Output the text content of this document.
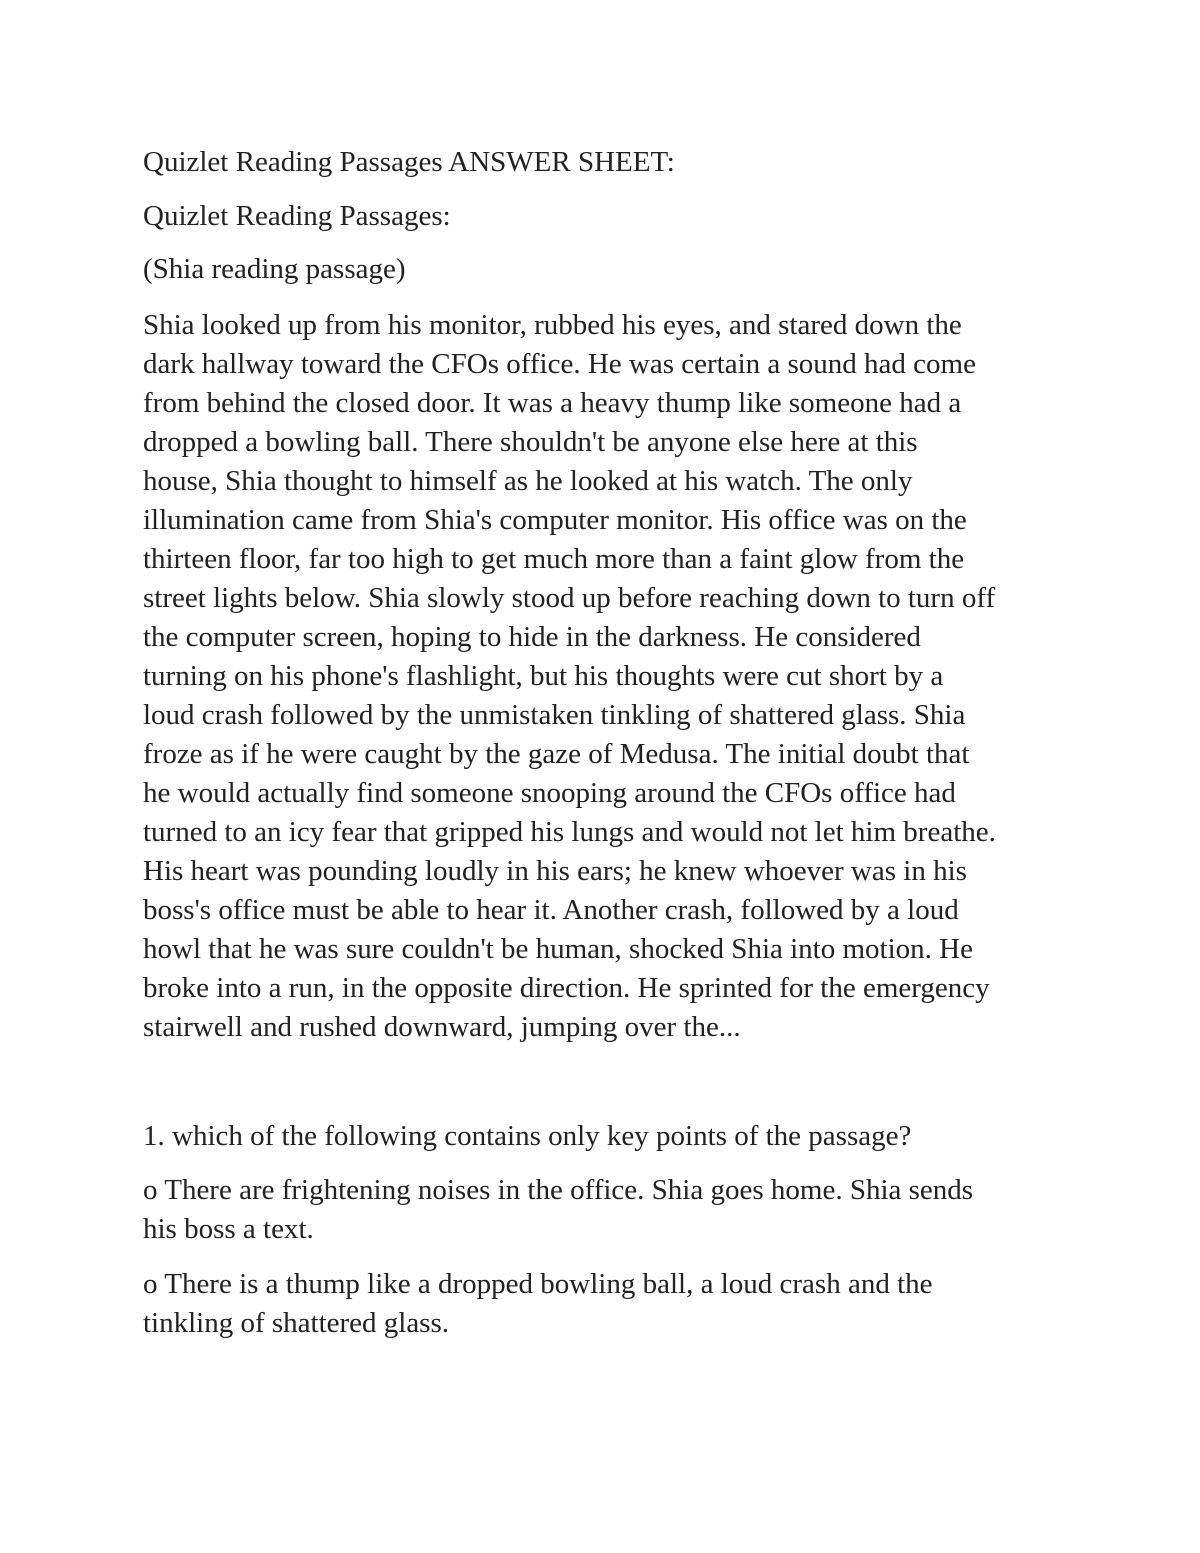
Quizlet Reading Passages ANSWER SHEET:

Quizlet Reading Passages:

(Shia reading passage)

Shia looked up from his monitor, rubbed his eyes, and stared down the

dark hallway toward the CFOs office. He was certain a sound had come

from behind the closed door. It was a heavy thump like someone had a

dropped a bowling ball. There shouldn't be anyone else here at this

house, Shia thought to himself as he looked at his watch. The only

illumination came from Shia's computer monitor. His office was on the

thirteen floor, far too high to get much more than a faint glow from the

street lights below. Shia slowly stood up before reaching down to turn off

the computer screen, hoping to hide in the darkness. He considered

turning on his phone's flashlight, but his thoughts were cut short by a

loud crash followed by the unmistaken tinkling of shattered glass. Shia

froze as if he were caught by the gaze of Medusa. The initial doubt that

he would actually find someone snooping around the CFOs office had

turned to an icy fear that gripped his lungs and would not let him breathe.

His heart was pounding loudly in his ears; he knew whoever was in his

boss's office must be able to hear it. Another crash, followed by a loud

howl that he was sure couldn't be human, shocked Shia into motion. He

broke into a run, in the opposite direction. He sprinted for the emergency

stairwell and rushed downward, jumping over the...

1. which of the following contains only key points of the passage?

o There are frightening noises in the office. Shia goes home. Shia sends

his boss a text.

o There is a thump like a dropped bowling ball, a loud crash and the

tinkling of shattered glass.
